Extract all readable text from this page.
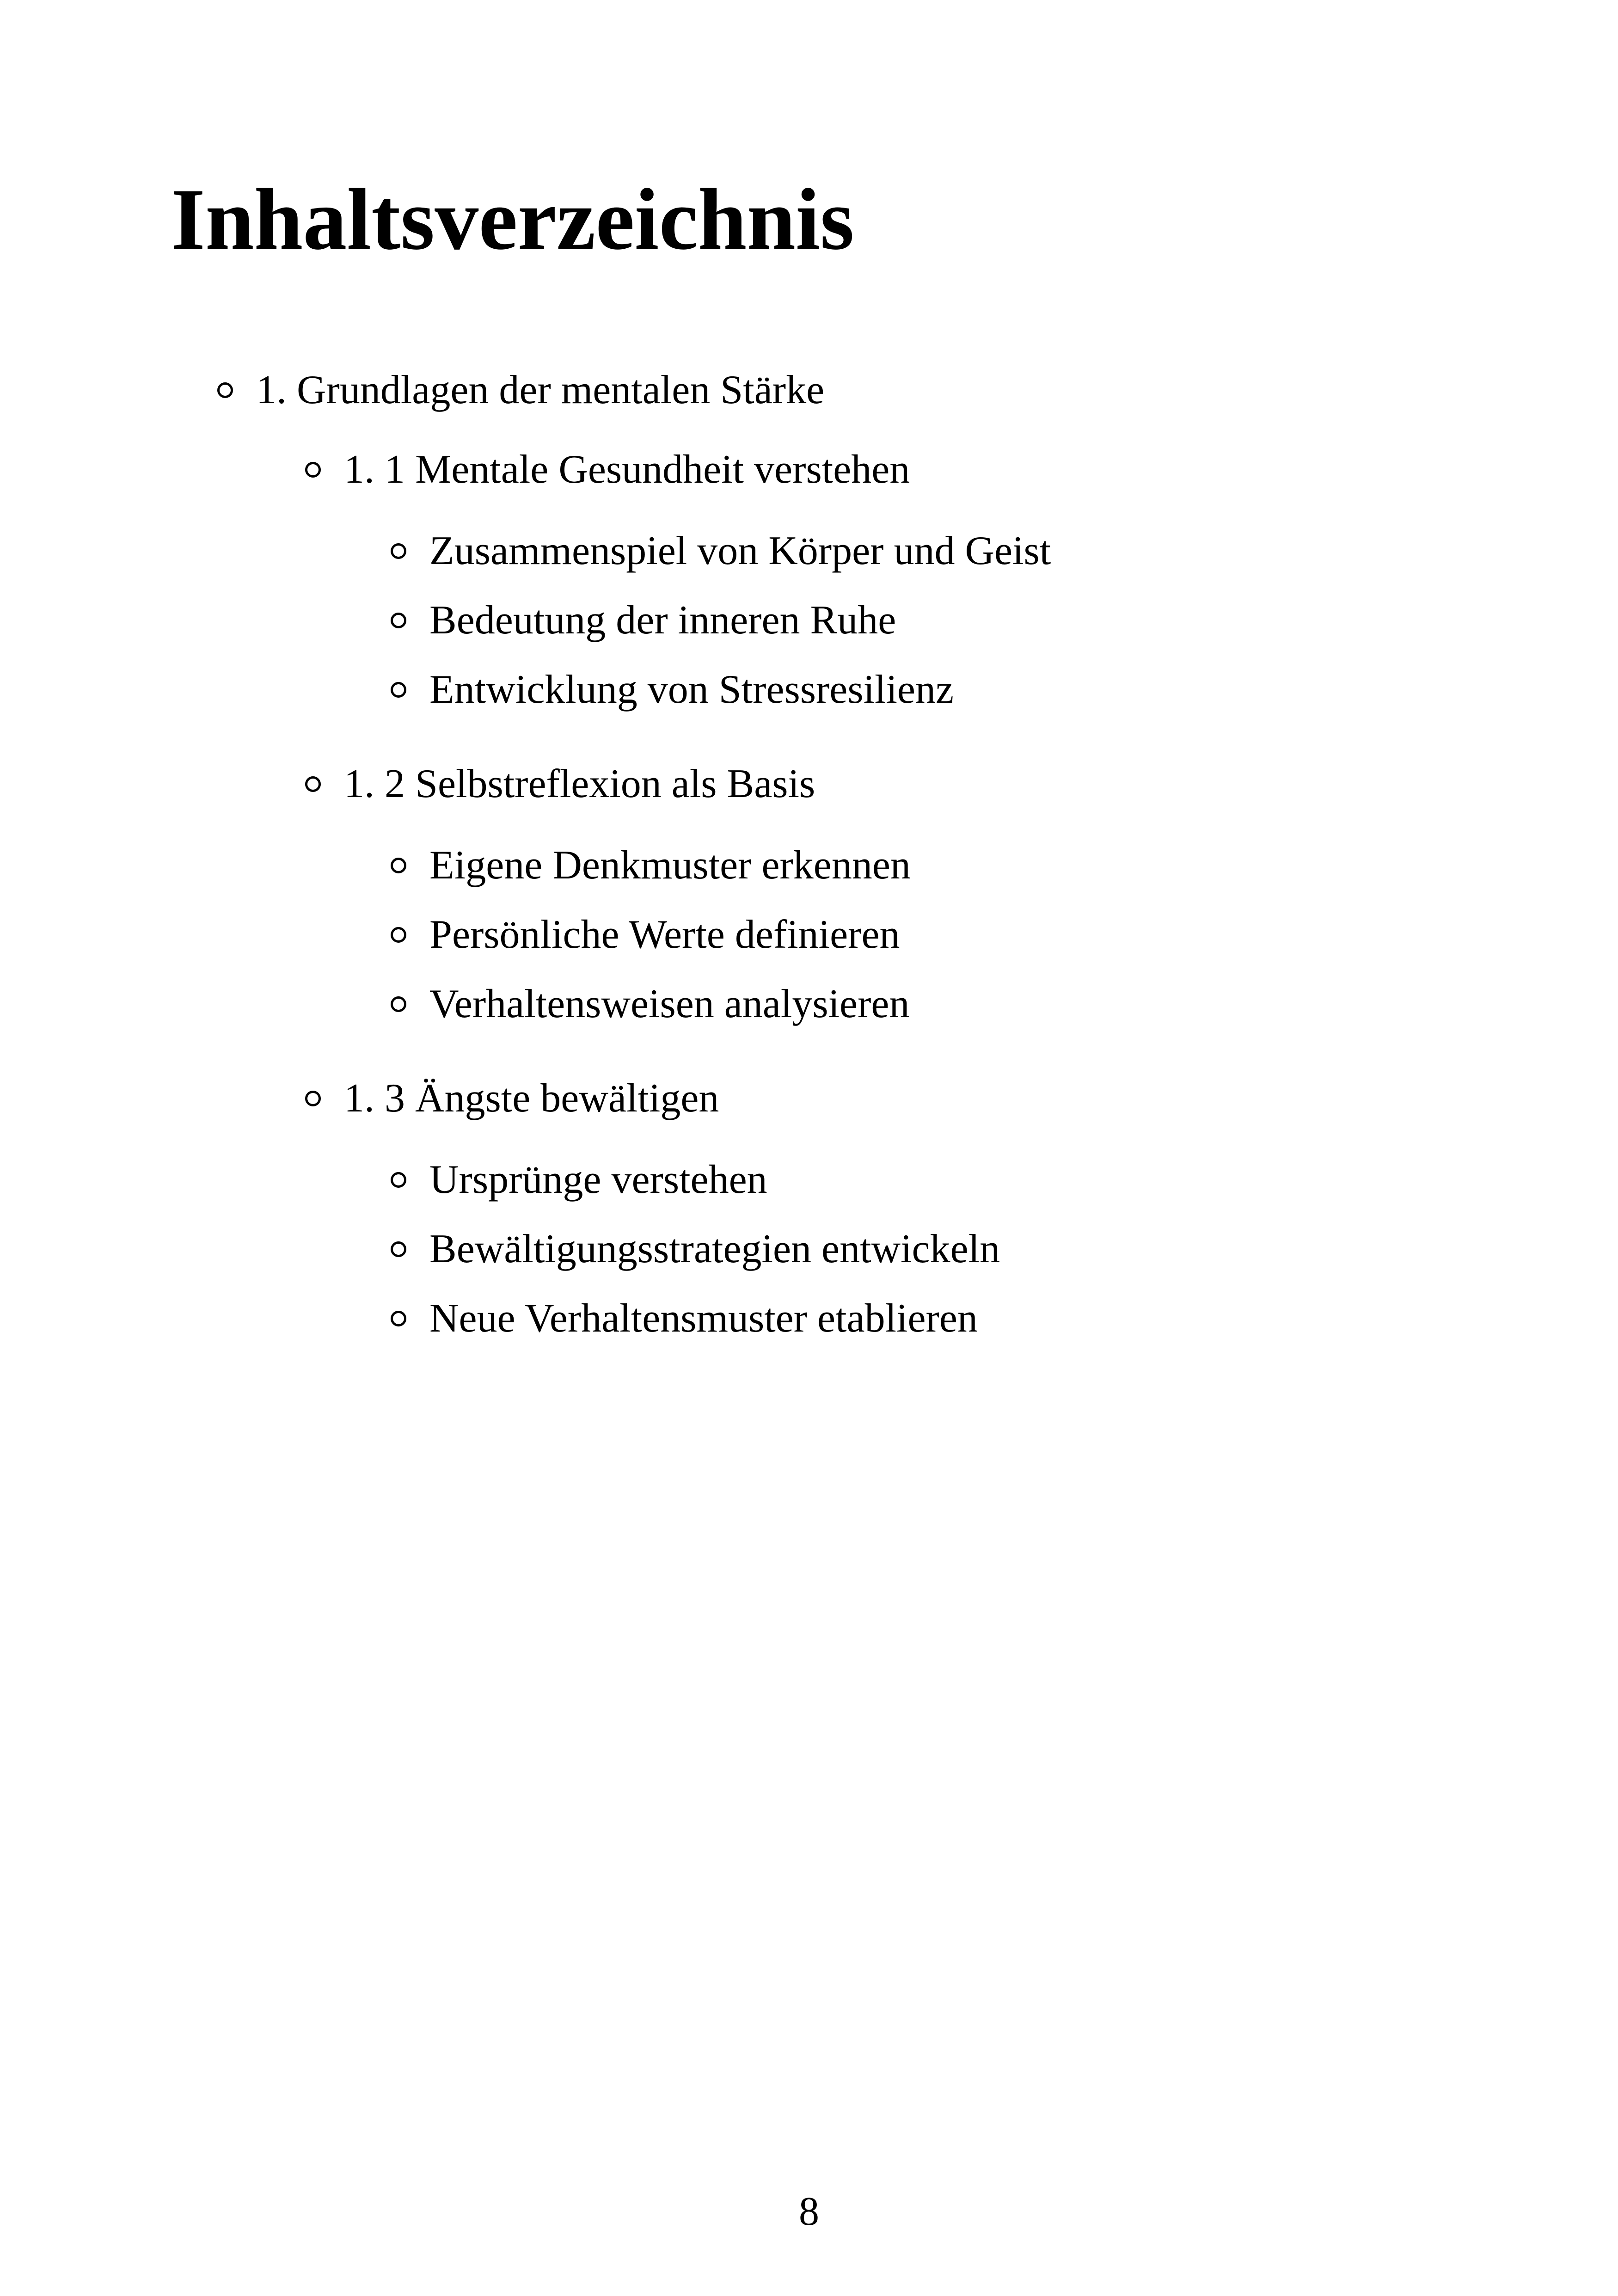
Inhaltsverzeichnis
1. Grundlagen der mentalen Stärke
1. 1 Mentale Gesundheit verstehen
Zusammenspiel von Körper und Geist
Bedeutung der inneren Ruhe
Entwicklung von Stressresilienz
1. 2 Selbstreflexion als Basis
Eigene Denkmuster erkennen
Persönliche Werte definieren
Verhaltensweisen analysieren
1. 3 Ängste bewältigen
Ursprünge verstehen
Bewältigungsstrategien entwickeln
Neue Verhaltensmuster etablieren
8
